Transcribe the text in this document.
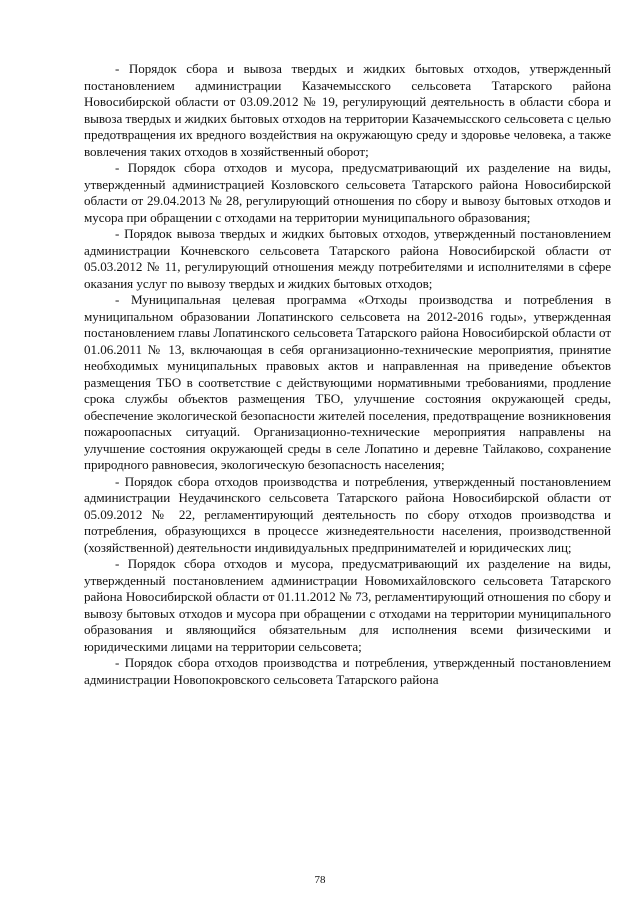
- Порядок сбора и вывоза твердых и жидких бытовых отходов, утвержденный постановлением администрации Казачемысского сельсовета Татарского района Новосибирской области от 03.09.2012 № 19, регулирующий деятельность в области сбора и вывоза твердых и жидких бытовых отходов на территории Казачемысского сельсовета с целью предотвращения их вредного воздействия на окружающую среду и здоровье человека, а также вовлечения таких отходов в хозяйственный оборот;

- Порядок сбора отходов и мусора, предусматривающий их разделение на виды, утвержденный администрацией Козловского сельсовета Татарского района Новосибирской области от 29.04.2013 № 28, регулирующий отношения по сбору и вывозу бытовых отходов и мусора при обращении с отходами на территории муниципального образования;

- Порядок вывоза твердых и жидких бытовых отходов, утвержденный постановлением администрации Кочневского сельсовета Татарского района Новосибирской области от 05.03.2012 № 11, регулирующий отношения между потребителями и исполнителями в сфере оказания услуг по вывозу твердых и жидких бытовых отходов;

- Муниципальная целевая программа «Отходы производства и потребления в муниципальном образовании Лопатинского сельсовета на 2012-2016 годы», утвержденная постановлением главы Лопатинского сельсовета Татарского района Новосибирской области от 01.06.2011 № 13, включающая в себя организационно-технические мероприятия, принятие необходимых муниципальных правовых актов и направленная на приведение объектов размещения ТБО в соответствие с действующими нормативными требованиями, продление срока службы объектов размещения ТБО, улучшение состояния окружающей среды, обеспечение экологической безопасности жителей поселения, предотвращение возникновения пожароопасных ситуаций. Организационно-технические мероприятия направлены на улучшение состояния окружающей среды в селе Лопатино и деревне Тайлаково, сохранение природного равновесия, экологическую безопасность населения;

- Порядок сбора отходов производства и потребления, утвержденный постановлением администрации Неудачинского сельсовета Татарского района Новосибирской области от 05.09.2012 № 22, регламентирующий деятельность по сбору отходов производства и потребления, образующихся в процессе жизнедеятельности населения, производственной (хозяйственной) деятельности индивидуальных предпринимателей и юридических лиц;

- Порядок сбора отходов и мусора, предусматривающий их разделение на виды, утвержденный постановлением администрации Новомихайловского сельсовета Татарского района Новосибирской области от 01.11.2012 № 73, регламентирующий отношения по сбору и вывозу бытовых отходов и мусора при обращении с отходами на территории муниципального образования и являющийся обязательным для исполнения всеми физическими и юридическими лицами на территории сельсовета;

- Порядок сбора отходов производства и потребления, утвержденный постановлением администрации Новопокровского сельсовета Татарского района

78
